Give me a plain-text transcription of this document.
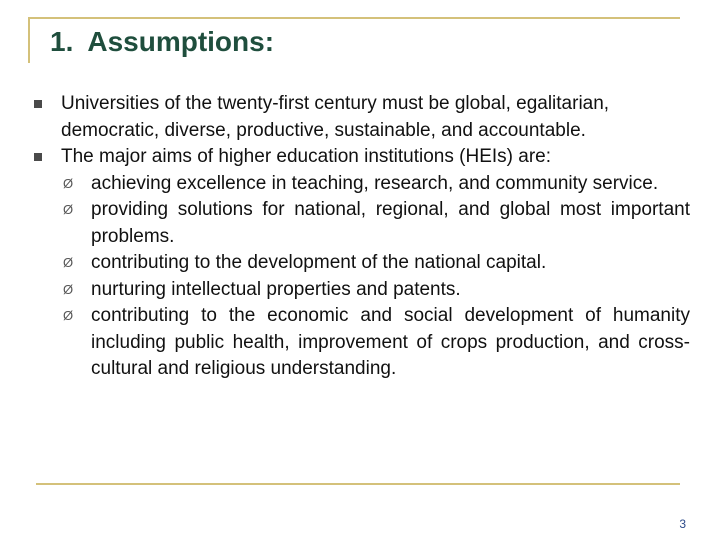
1. Assumptions:
Universities of the twenty-first century must be global, egalitarian, democratic, diverse, productive, sustainable, and accountable.
The major aims of higher education institutions (HEIs) are:
Ø achieving excellence in teaching, research, and community service.
Ø providing solutions for national, regional, and global most important problems.
Ø contributing to the development of the national capital.
Ø nurturing intellectual properties and patents.
Ø contributing to the economic and social development of humanity including public health, improvement of crops production, and cross-cultural and religious understanding.
3
